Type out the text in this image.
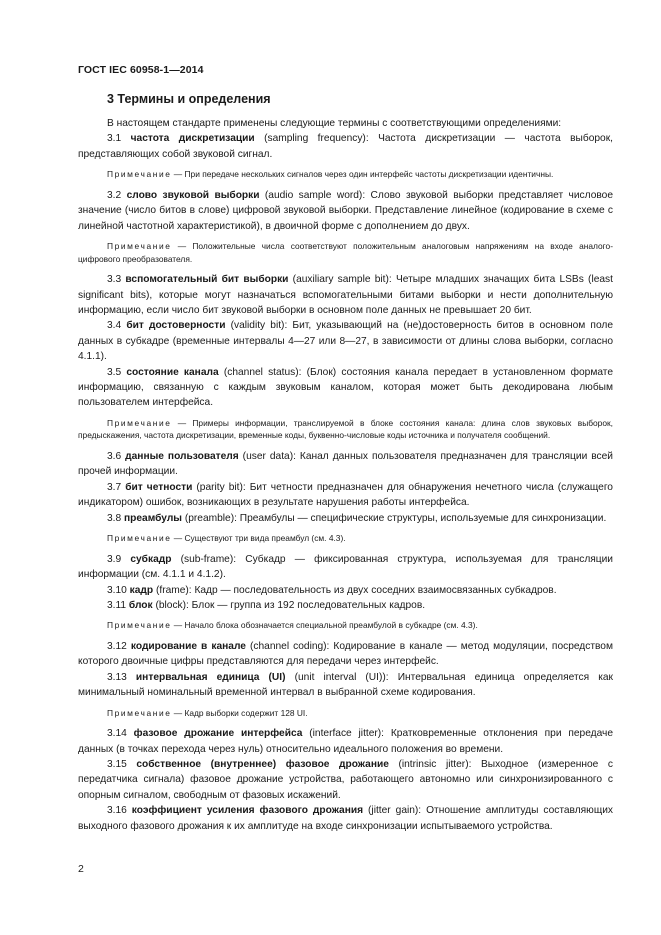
ГОСТ IEC 60958-1—2014
3 Термины и определения

В настоящем стандарте применены следующие термины с соответствующими определениями:

3.1 частота дискретизации (sampling frequency): Частота дискретизации — частота выборок, представляющих собой звуковой сигнал.

Примечание — При передаче нескольких сигналов через один интерфейс частоты дискретизации идентичны.

3.2 слово звуковой выборки (audio sample word): Слово звуковой выборки представляет числовое значение (число битов в слове) цифровой звуковой выборки. Представление линейное (кодирование в схеме с линейной частотной характеристикой), в двоичной форме с дополнением до двух.

Примечание — Положительные числа соответствуют положительным аналоговым напряжениям на входе аналого-цифрового преобразователя.

3.3 вспомогательный бит выборки (auxiliary sample bit): Четыре младших значащих бита LSBs (least significant bits), которые могут назначаться вспомогательными битами выборки и нести дополнительную информацию, если число бит звуковой выборки в основном поле данных не превышает 20 бит.

3.4 бит достоверности (validity bit): Бит, указывающий на (не)достоверность битов в основном поле данных в субкадре (временные интервалы 4—27 или 8—27, в зависимости от длины слова выборки, согласно 4.1.1).

3.5 состояние канала (channel status): (Блок) состояния канала передает в установленном формате информацию, связанную с каждым звуковым каналом, которая может быть декодирована любым пользователем интерфейса.

Примечание — Примеры информации, транслируемой в блоке состояния канала: длина слов звуковых выборок, предыскажения, частота дискретизации, временные коды, буквенно-числовые коды источника и получателя сообщений.

3.6 данные пользователя (user data): Канал данных пользователя предназначен для трансляции всей прочей информации.

3.7 бит четности (parity bit): Бит четности предназначен для обнаружения нечетного числа (служащего индикатором) ошибок, возникающих в результате нарушения работы интерфейса.

3.8 преамбулы (preamble): Преамбулы — специфические структуры, используемые для синхронизации.

Примечание — Существуют три вида преамбул (см. 4.3).

3.9 субкадр (sub-frame): Субкадр — фиксированная структура, используемая для трансляции информации (см. 4.1.1 и 4.1.2).

3.10 кадр (frame): Кадр — последовательность из двух соседних взаимосвязанных субкадров.

3.11 блок (block): Блок — группа из 192 последовательных кадров.

Примечание — Начало блока обозначается специальной преамбулой в субкадре (см. 4.3).

3.12 кодирование в канале (channel coding): Кодирование в канале — метод модуляции, посредством которого двоичные цифры представляются для передачи через интерфейс.

3.13 интервальная единица (UI) (unit interval (UI)): Интервальная единица определяется как минимальный номинальный временной интервал в выбранной схеме кодирования.

Примечание — Кадр выборки содержит 128 UI.

3.14 фазовое дрожание интерфейса (interface jitter): Кратковременные отклонения при передаче данных (в точках перехода через нуль) относительно идеального положения во времени.

3.15 собственное (внутреннее) фазовое дрожание (intrinsic jitter): Выходное (измеренное с передатчика сигнала) фазовое дрожание устройства, работающего автономно или синхронизированного с опорным сигналом, свободным от фазовых искажений.

3.16 коэффициент усиления фазового дрожания (jitter gain): Отношение амплитуды составляющих выходного фазового дрожания к их амплитуде на входе синхронизации испытываемого устройства.

2
